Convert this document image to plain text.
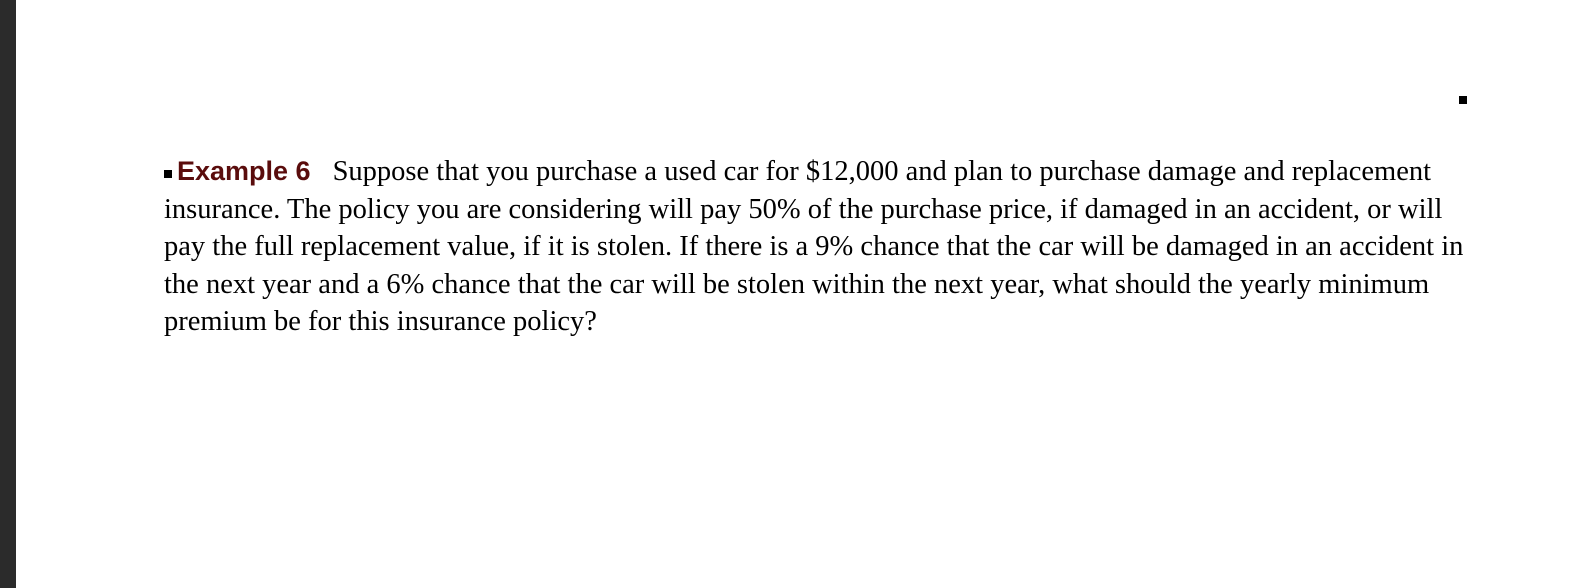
Example 6 Suppose that you purchase a used car for $12,000 and plan to purchase damage and replacement insurance. The policy you are considering will pay 50% of the purchase price, if damaged in an accident, or will pay the full replacement value, if it is stolen. If there is a 9% chance that the car will be damaged in an accident in the next year and a 6% chance that the car will be stolen within the next year, what should the yearly minimum premium be for this insurance policy?
